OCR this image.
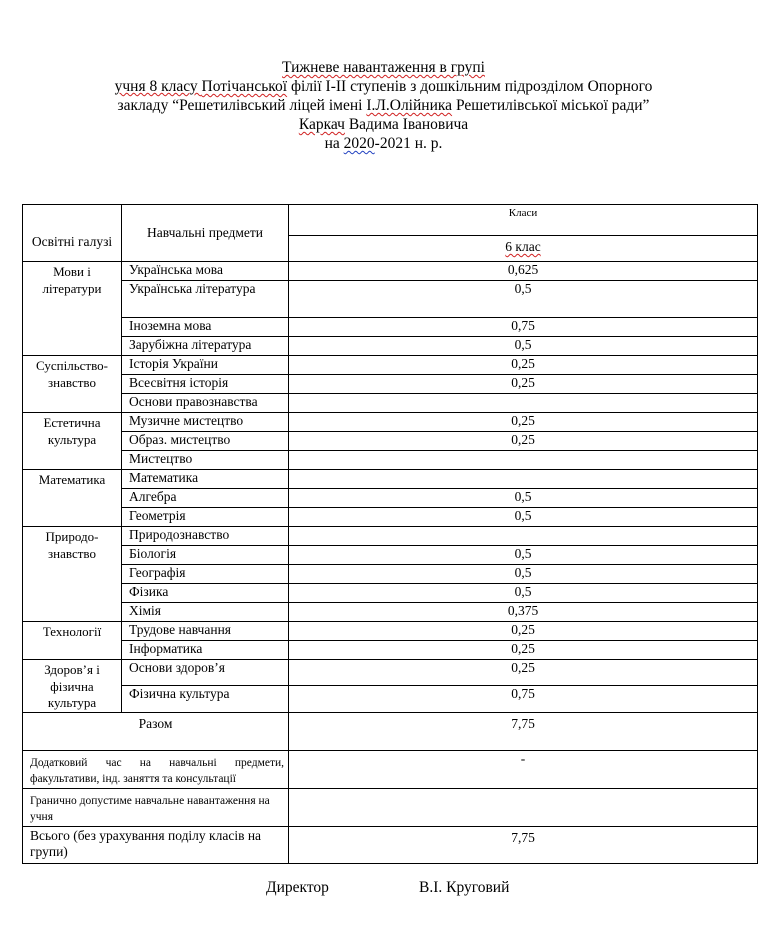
Тижневе навантаження в групі
учня 8 класу Потічанської філії І-ІІ ступенів з дошкільним підрозділом Опорного
закладу “Решетилівський ліцей імені І.Л.Олійника Решетилівської міської ради”
Каркач Вадима Івановича
на 2020-2021 н. р.
Освітні галузі	Навчальні предмети	Класи
		6 клас
Мови і літератури	Українська мова	0,625
	Українська література	0,5
	Іноземна мова	0,75
	Зарубіжна література	0,5
Суспільство-знавство	Історія України	0,25
	Всесвітня історія	0,25
	Основи правознавства	
Естетична культура	Музичне мистецтво	0,25
	Образ. мистецтво	0,25
	Мистецтво	
Математика	Математика	
	Алгебра	0,5
	Геометрія	0,5
Природо-знавство	Природознавство	
	Біологія	0,5
	Географія	0,5
	Фізика	0,5
	Хімія	0,375
Технології	Трудове навчання	0,25
	Інформатика	0,25
Здоров’я і фізична культура	Основи здоров’я	0,25
	Фізична культура	0,75
Разом		7,75
Додатковий час на навчальні предмети, факультативи, інд. заняття та консультації		-
Гранично допустиме навчальне навантаження на учня		
Всього (без урахування поділу класів на групи)		7,75
Директор	В.І. Круговий
